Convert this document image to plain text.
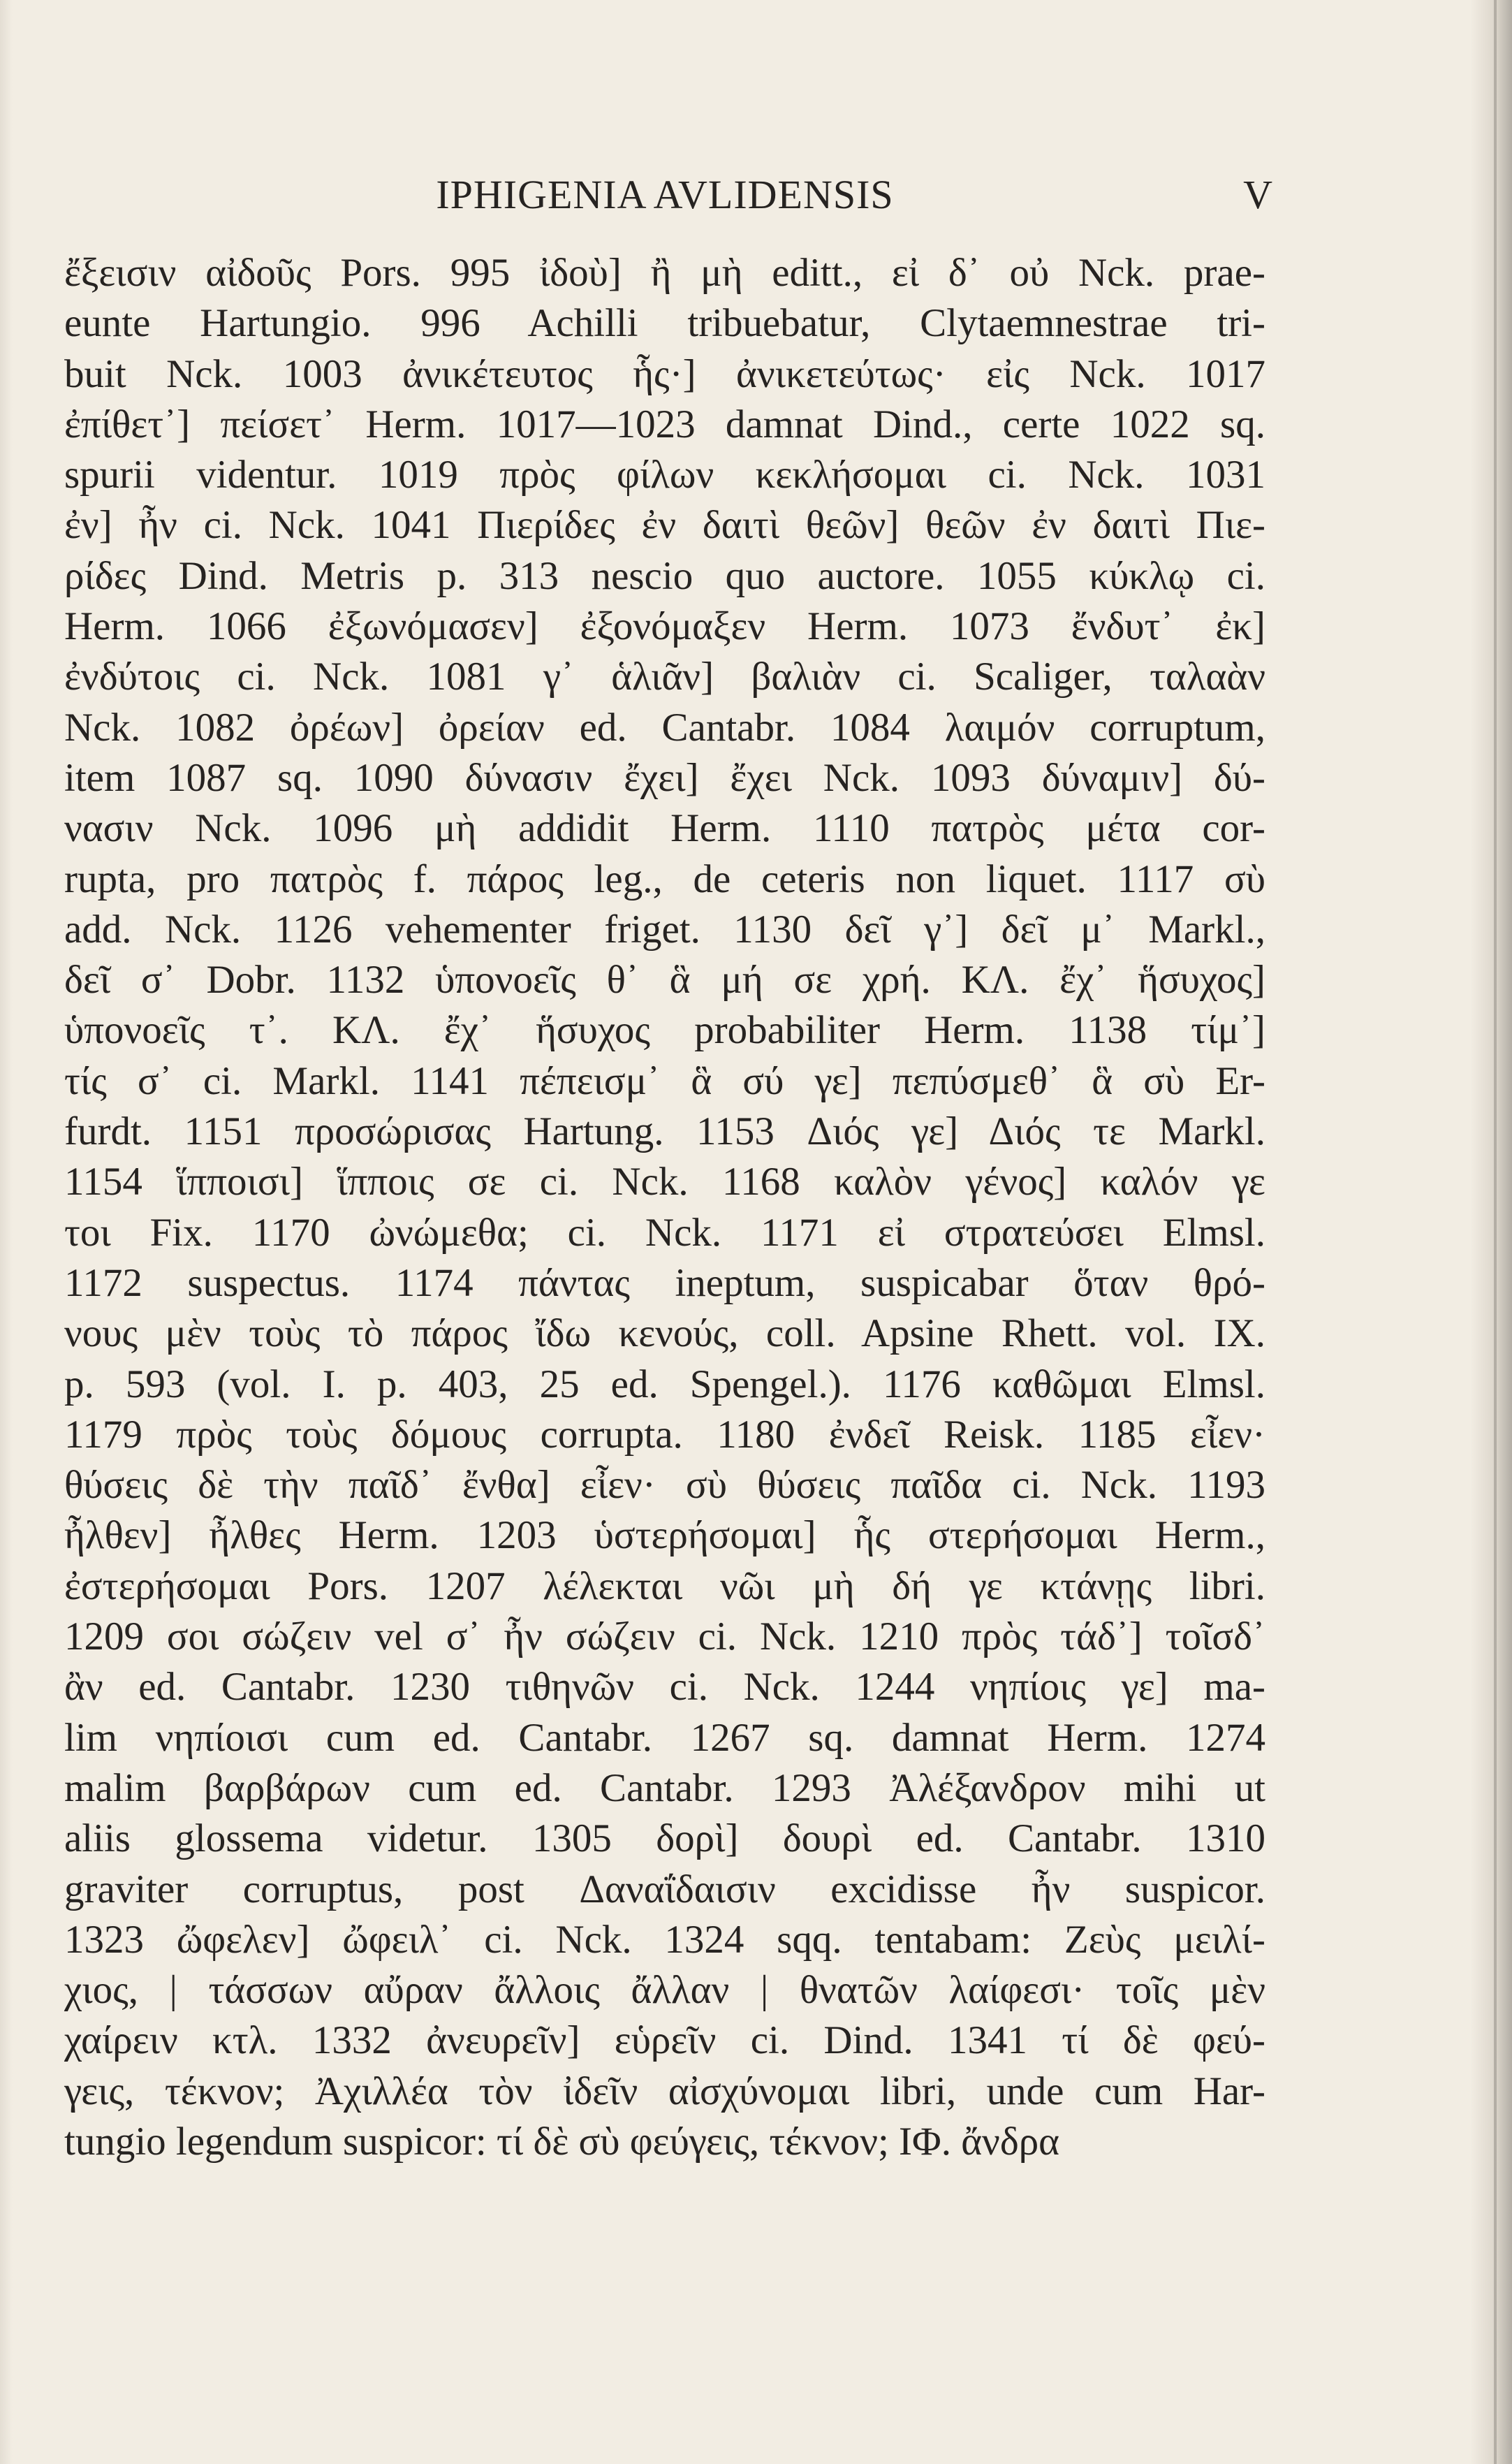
IPHIGENIA AVLIDENSIS	V
ἔξεισιν αἰδοῦς Pors. 995 ἰδοὺ] ἢ μὴ editt., εἰ δ᾽ οὐ Nck. prae-
eunte Hartungio. 996 Achilli tribuebatur, Clytaemnestrae tri-
buit Nck. 1003 ἀνικέτευτος ἧς·] ἀνικετεύτως· εἰς Nck. 1017
ἐπίθετ᾽] πείσετ᾽ Herm. 1017—1023 damnat Dind., certe 1022 sq.
spurii videntur. 1019 πρὸς φίλων κεκλήσομαι ci. Nck. 1031
ἐν] ἦν ci. Nck. 1041 Πιερίδες ἐν δαιτὶ θεῶν] θεῶν ἐν δαιτὶ Πιε-
ρίδες Dind. Metris p. 313 nescio quo auctore. 1055 κύκλῳ ci.
Herm. 1066 ἐξωνόμασεν] ἐξονόμαξεν Herm. 1073 ἔνδυτ᾽ ἐκ]
ἐνδύτοις ci. Nck. 1081 γ᾽ ἁλιᾶν] βαλιὰν ci. Scaliger, ταλαὰν
Nck. 1082 ὀρέων] ὀρείαν ed. Cantabr. 1084 λαιμόν corruptum,
item 1087 sq. 1090 δύνασιν ἔχει] ἔχει Nck. 1093 δύναμιν] δύ-
νασιν Nck. 1096 μὴ addidit Herm. 1110 πατρὸς μέτα cor-
rupta, pro πατρὸς f. πάρος leg., de ceteris non liquet. 1117 σὺ
add. Nck. 1126 vehementer friget. 1130 δεῖ γ᾽] δεῖ μ᾽ Markl.,
δεῖ σ᾽ Dobr. 1132 ὑπονοεῖς θ᾽ ἃ μή σε χρή. ΚΛ. ἔχ᾽ ἥσυχος]
ὑπονοεῖς τ᾽. ΚΛ. ἔχ᾽ ἥσυχος probabiliter Herm. 1138 τίμ᾽]
τίς σ᾽ ci. Markl. 1141 πέπεισμ᾽ ἃ σύ γε] πεπύσμεθ᾽ ἃ σὺ Er-
furdt. 1151 προσώρισας Hartung. 1153 Διός γε] Διός τε Markl.
1154 ἵπποισι] ἵπποις σε ci. Nck. 1168 καλὸν γένος] καλόν γε
τοι Fix. 1170 ὠνώμεθα; ci. Nck. 1171 εἰ στρατεύσει Elmsl.
1172 suspectus. 1174 πάντας ineptum, suspicabar ὅταν θρό-
νους μὲν τοὺς τὸ πάρος ἴδω κενούς, coll. Apsine Rhett. vol. IX.
p. 593 (vol. I. p. 403, 25 ed. Spengel.). 1176 καθῶμαι Elmsl.
1179 πρὸς τοὺς δόμους corrupta. 1180 ἐνδεῖ Reisk. 1185 εἶεν·
θύσεις δὲ τὴν παῖδ᾽ ἔνθα] εἶεν· σὺ θύσεις παῖδα ci. Nck. 1193
ἦλθεν] ἦλθες Herm. 1203 ὑστερήσομαι] ἧς στερήσομαι Herm.,
ἐστερήσομαι Pors. 1207 λέλεκται νῶι μὴ δή γε κτάνῃς libri.
1209 σοι σώζειν vel σ᾽ ἦν σώζειν ci. Nck. 1210 πρὸς τάδ᾽] τοῖσδ᾽
ἂν ed. Cantabr. 1230 τιθηνῶν ci. Nck. 1244 νηπίοις γε] ma-
lim νηπίοισι cum ed. Cantabr. 1267 sq. damnat Herm. 1274
malim βαρβάρων cum ed. Cantabr. 1293 Ἀλέξανδρον mihi ut
aliis glossema videtur. 1305 δορὶ] δουρὶ ed. Cantabr. 1310
graviter corruptus, post Δαναΐδαισιν excidisse ἦν suspicor.
1323 ὤφελεν] ὤφειλ᾽ ci. Nck. 1324 sqq. tentabam: Ζεὺς μειλί-
χιος, | τάσσων αὔραν ἄλλοις ἄλλαν | θνατῶν λαίφεσι· τοῖς μὲν
χαίρειν κτλ. 1332 ἀνευρεῖν] εὑρεῖν ci. Dind. 1341 τί δὲ φεύ-
γεις, τέκνον; Ἀχιλλέα τὸν ἰδεῖν αἰσχύνομαι libri, unde cum Har-
tungio legendum suspicor: τί δὲ σὺ φεύγεις, τέκνον; ΙΦ. ἄνδρα
